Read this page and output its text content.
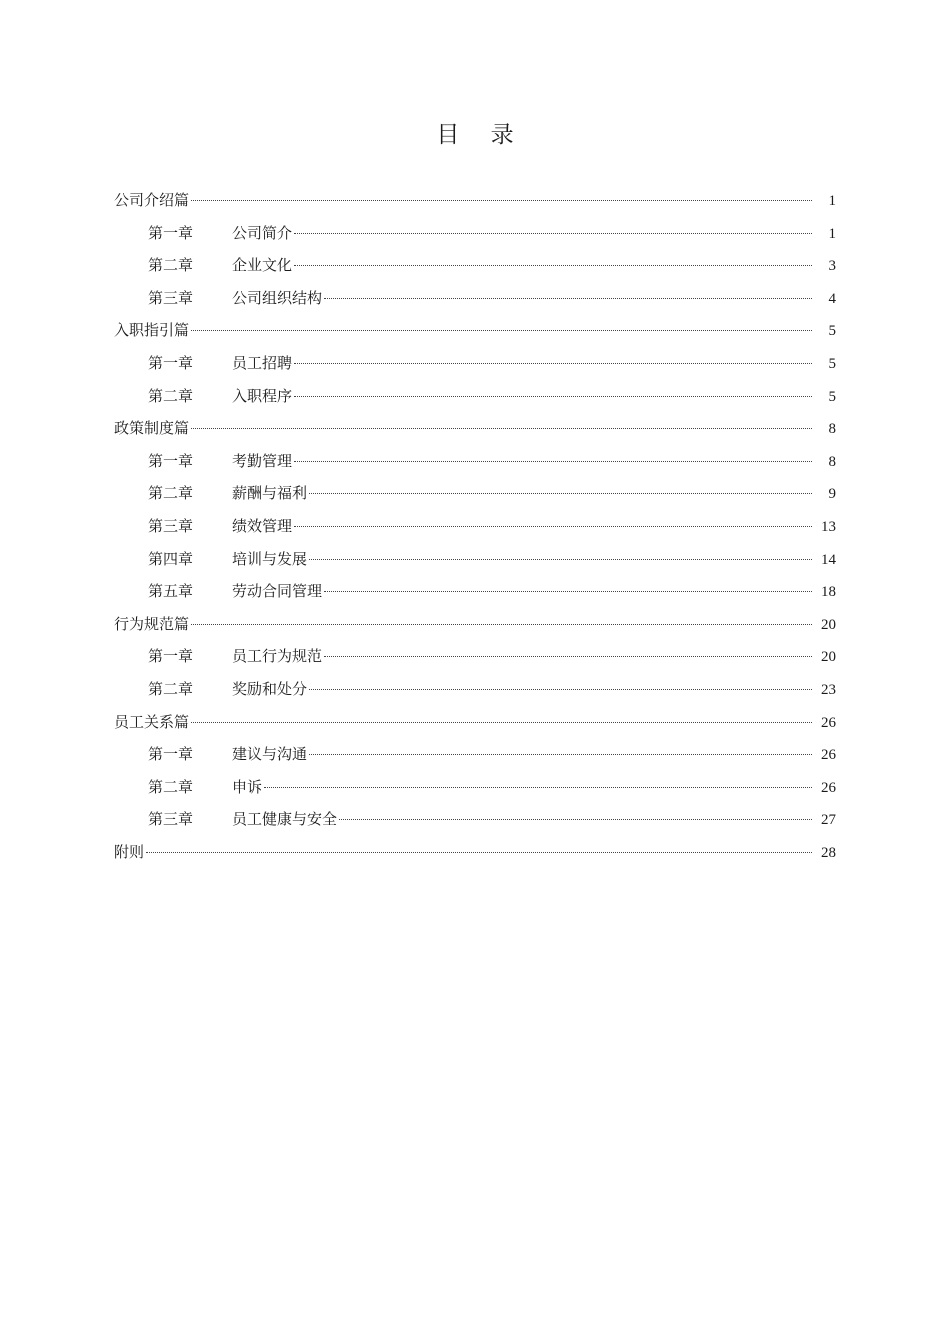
目 录
公司介绍篇	1
第一章	公司简介	1
第二章	企业文化	3
第三章	公司组织结构	4
入职指引篇	5
第一章	员工招聘	5
第二章	入职程序	5
政策制度篇	8
第一章	考勤管理	8
第二章	薪酬与福利	9
第三章	绩效管理	13
第四章	培训与发展	14
第五章	劳动合同管理	18
行为规范篇	20
第一章	员工行为规范	20
第二章	奖励和处分	23
员工关系篇	26
第一章	建议与沟通	26
第二章	申诉	26
第三章	员工健康与安全	27
附则	28
